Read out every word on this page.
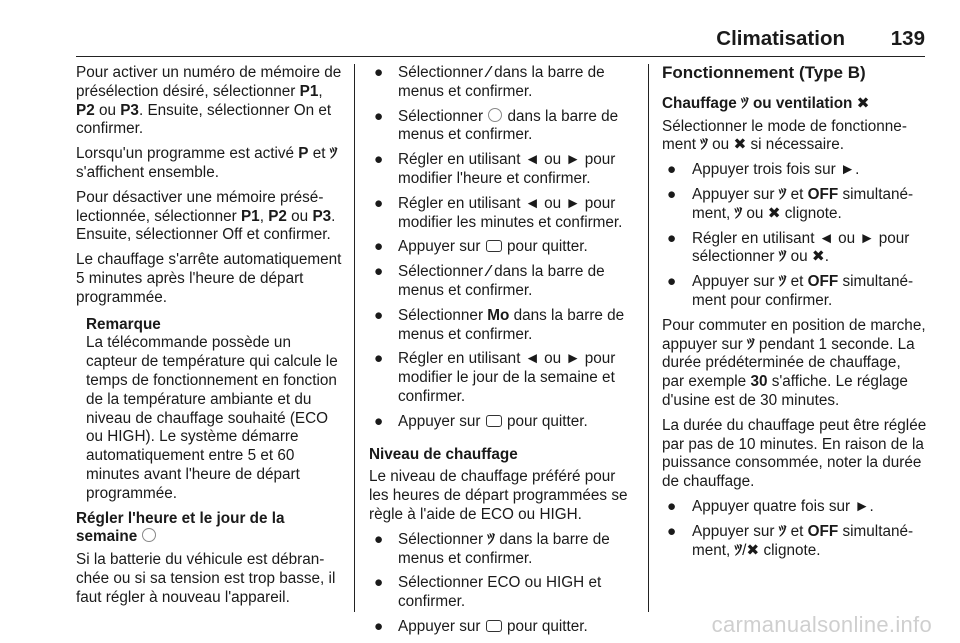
Climatisation 139

Pour activer un numéro de mémoire de présélection désiré, sélectionner P1, P2 ou P3. Ensuite, sélectionner On et confirmer.

Lorsqu'un programme est activé P et ﾂ s'affichent ensemble.

Pour désactiver une mémoire présélectionnée, sélectionner P1, P2 ou P3. Ensuite, sélectionner Off et confirmer.

Le chauffage s'arrête automatiquement 5 minutes après l'heure de départ programmée.

Remarque
La télécommande possède un capteur de température qui calcule le temps de fonctionnement en fonction de la température ambiante et du niveau de chauffage souhaité (ECO ou HIGH). Le système démarre automatiquement entre 5 et 60 minutes avant l'heure de départ programmée.
Régler l'heure et le jour de la semaine

Si la batterie du véhicule est débranchée ou si sa tension est trop basse, il faut régler à nouveau l'appareil.

● Sélectionner ⁄ dans la barre de menus et confirmer.
● Sélectionner  dans la barre de menus et confirmer.
● Régler en utilisant ◄ ou ► pour modifier l'heure et confirmer.
● Régler en utilisant ◄ ou ► pour modifier les minutes et confirmer.
● Appuyer sur  pour quitter.
● Sélectionner ⁄ dans la barre de menus et confirmer.
● Sélectionner Mo dans la barre de menus et confirmer.
● Régler en utilisant ◄ ou ► pour modifier le jour de la semaine et confirmer.
● Appuyer sur  pour quitter.
Niveau de chauffage

Le niveau de chauffage préféré pour les heures de départ programmées se règle à l'aide de ECO ou HIGH.

● Sélectionner ﾂ dans la barre de menus et confirmer.
● Sélectionner ECO ou HIGH et confirmer.
● Appuyer sur  pour quitter.
Fonctionnement (Type B)
Chauffage ﾂ ou ventilation ✖

Sélectionner le mode de fonctionnement ﾂ ou ✖ si nécessaire.

● Appuyer trois fois sur ►.
● Appuyer sur ﾂ et OFF simultanément, ﾂ ou ✖ clignote.
● Régler en utilisant ◄ ou ► pour sélectionner ﾂ ou ✖.
● Appuyer sur ﾂ et OFF simultanément pour confirmer.

Pour commuter en position de marche, appuyer sur ﾂ pendant 1 seconde. La durée prédéterminée de chauffage, par exemple 30 s'affiche. Le réglage d'usine est de 30 minutes.

La durée du chauffage peut être réglée par pas de 10 minutes. En raison de la puissance consommée, noter la durée de chauffage.

● Appuyer quatre fois sur ►.
● Appuyer sur ﾂ et OFF simultanément, ﾂ/✖ clignote.
carmanualsonline.info
